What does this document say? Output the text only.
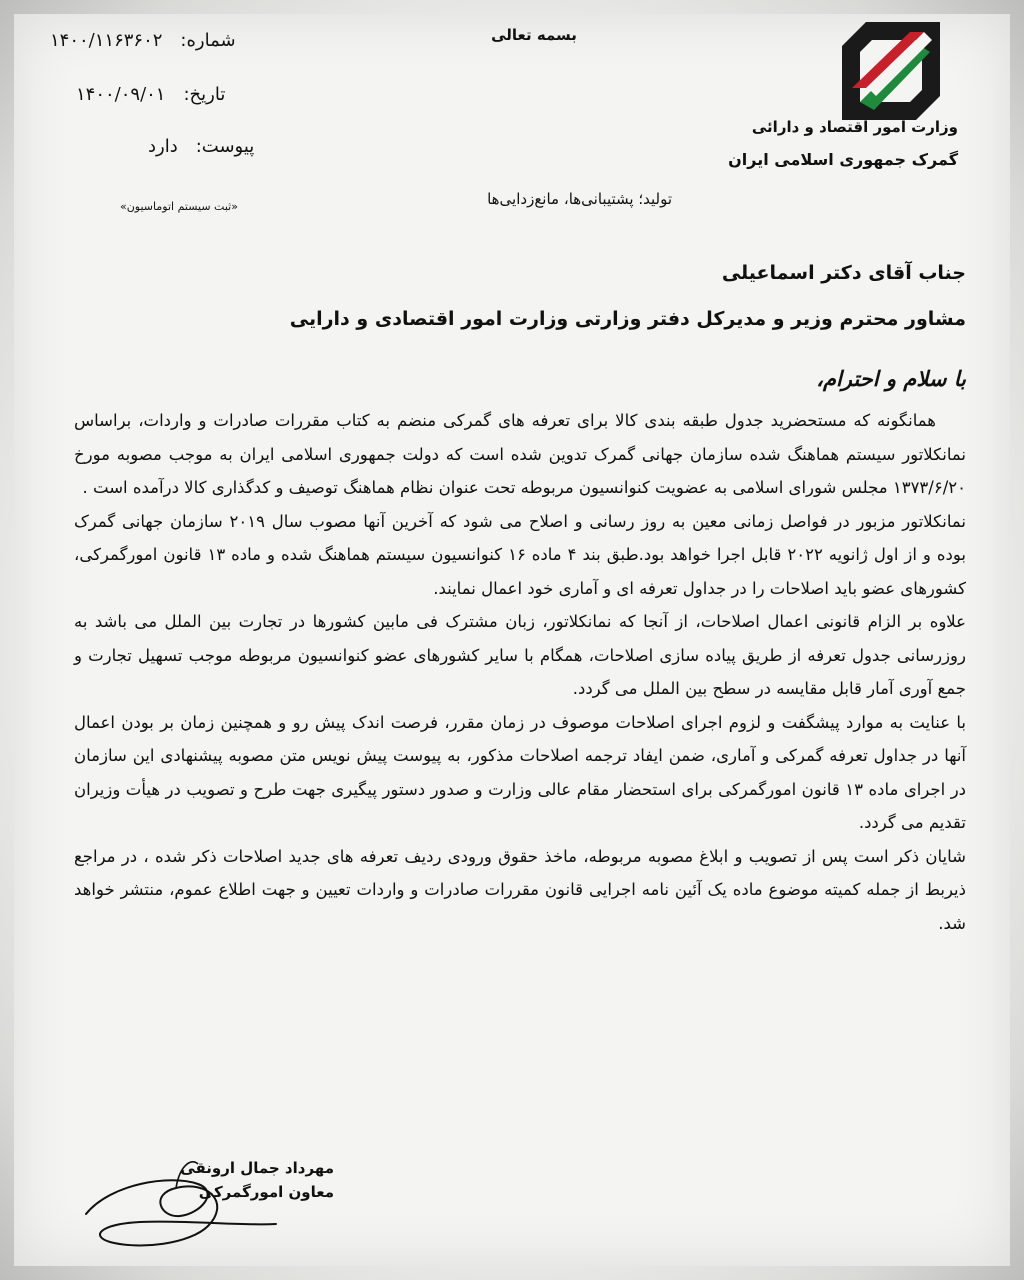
وزارت امور اقتصاد و دارائی
گمرک جمهوری اسلامی ایران
بسمه تعالی
شماره:۱۴۰۰/۱۱۶۳۶۰۲
تاریخ:۱۴۰۰/۰۹/۰۱
پیوست:دارد
«ثبت سیستم اتوماسیون»	تولید؛ پشتیبانی‌ها، مانع‌زدایی‌ها
جناب آقای دکتر اسماعیلی
مشاور محترم وزیر و مدیرکل دفتر وزارتی وزارت امور اقتصادی و دارایی
با سلام و احترام،

همانگونه که مستحضرید جدول طبقه بندی کالا برای تعرفه های گمرکی منضم به کتاب مقررات صادرات و واردات، براساس نمانکلاتور سیستم هماهنگ شده سازمان جهانی گمرک تدوین شده است که دولت جمهوری اسلامی ایران به موجب مصوبه مورخ ۱۳۷۳/۶/۲۰ مجلس شورای اسلامی به عضویت کنوانسیون مربوطه تحت عنوان نظام هماهنگ توصیف و کدگذاری کالا درآمده است .

نمانکلاتور مزبور در فواصل زمانی معین به روز رسانی و اصلاح می شود که آخرین آنها مصوب سال ۲۰۱۹ سازمان جهانی گمرک بوده و از اول ژانویه ۲۰۲۲ قابل اجرا خواهد بود.طبق بند ۴ ماده ۱۶ کنوانسیون سیستم هماهنگ شده و ماده ۱۳ قانون امورگمرکی، کشورهای عضو باید اصلاحات را در جداول تعرفه ای و آماری خود اعمال نمایند.

علاوه بر الزام قانونی اعمال اصلاحات، از آنجا که نمانکلاتور، زبان مشترک فی مابین کشورها در تجارت بین الملل می باشد به روزرسانی جدول تعرفه از طریق پیاده سازی اصلاحات، همگام با سایر کشورهای عضو کنوانسیون مربوطه موجب تسهیل تجارت و جمع آوری آمار قابل مقایسه در سطح بین الملل می گردد.

با عنایت به موارد پیشگفت و لزوم اجرای اصلاحات موصوف در زمان مقرر، فرصت اندک پیش رو و همچنین زمان بر بودن اعمال آنها در جداول تعرفه گمرکی و آماری، ضمن ایفاد ترجمه اصلاحات مذکور، به پیوست پیش نویس متن مصوبه پیشنهادی این سازمان در اجرای ماده ۱۳ قانون امورگمرکی برای استحضار مقام عالی وزارت و صدور دستور پیگیری جهت طرح و تصویب در هیأت وزیران تقدیم می گردد.

شایان ذکر است پس از تصویب و ابلاغ مصوبه مربوطه، ماخذ حقوق ورودی ردیف تعرفه های جدید اصلاحات ذکر شده ، در مراجع ذیربط از جمله کمیته موضوع ماده یک آئین نامه اجرایی قانون مقررات صادرات و واردات تعیین و جهت اطلاع عموم، منتشر خواهد شد.

مهرداد جمال ارونقی
معاون امورگمرکی
